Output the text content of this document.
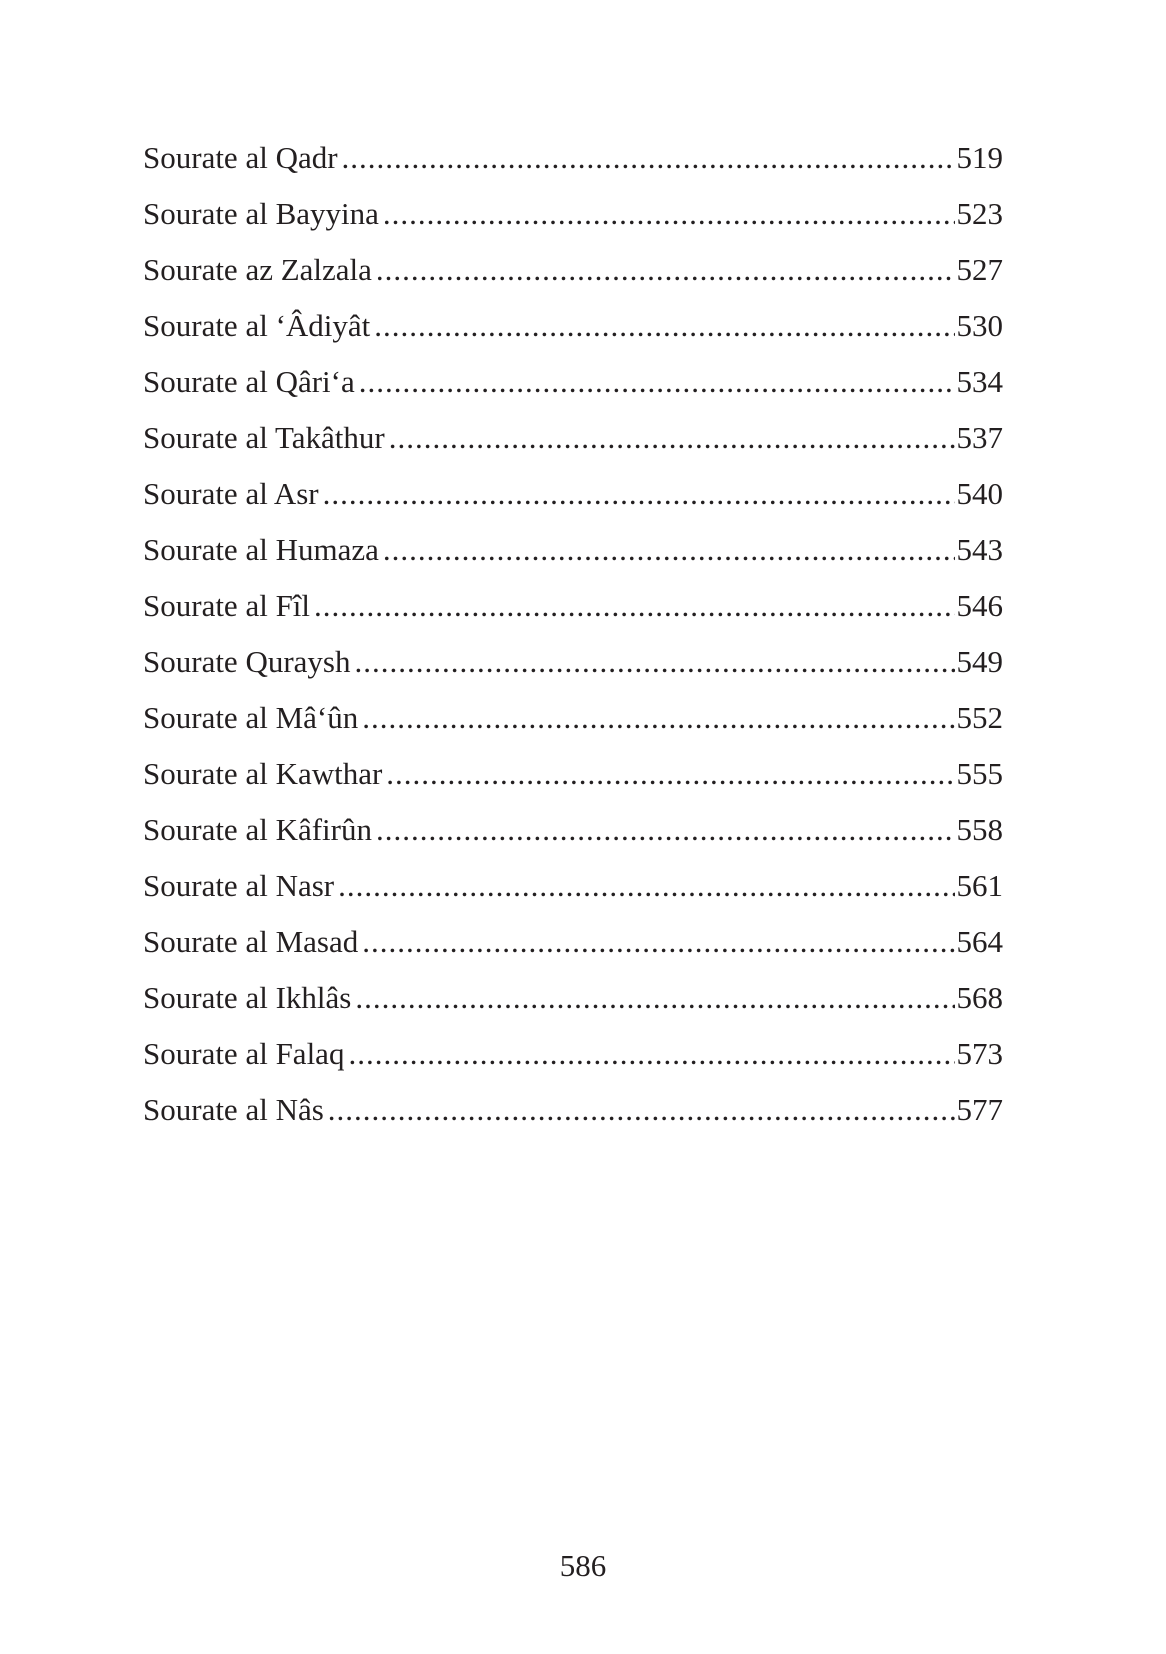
Sourate al Qadr .....	519
Sourate al Bayyina .....	523
Sourate az Zalzala .....	527
Sourate al ‘Âdiyât .....	530
Sourate al Qâri‘a .....	534
Sourate al Takâthur .....	537
Sourate al Asr .....	540
Sourate al Humaza .....	543
Sourate al Fîl .....	546
Sourate Quraysh .....	549
Sourate al Mâ‘ûn .....	552
Sourate al Kawthar .....	555
Sourate al Kâfirûn .....	558
Sourate al Nasr .....	561
Sourate al Masad .....	564
Sourate al Ikhlâs .....	568
Sourate al Falaq .....	573
Sourate al Nâs .....	577
586
